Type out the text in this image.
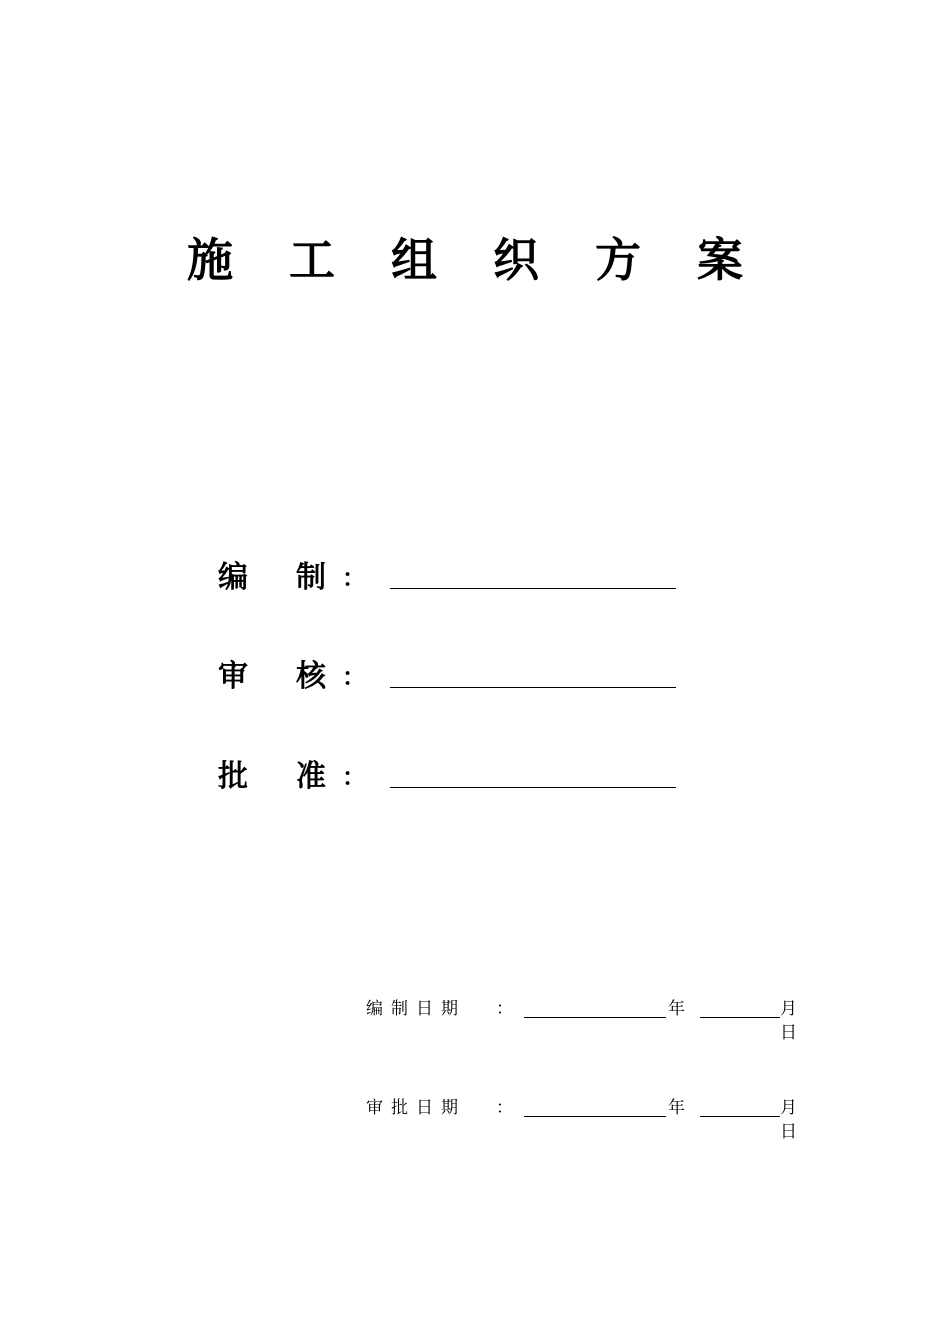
施 工 组 织 方 案
编 制 ：
审 核 ：
批 准 ：
编制日期 ：	年	月
日
审批日期 ：	年	月
日
